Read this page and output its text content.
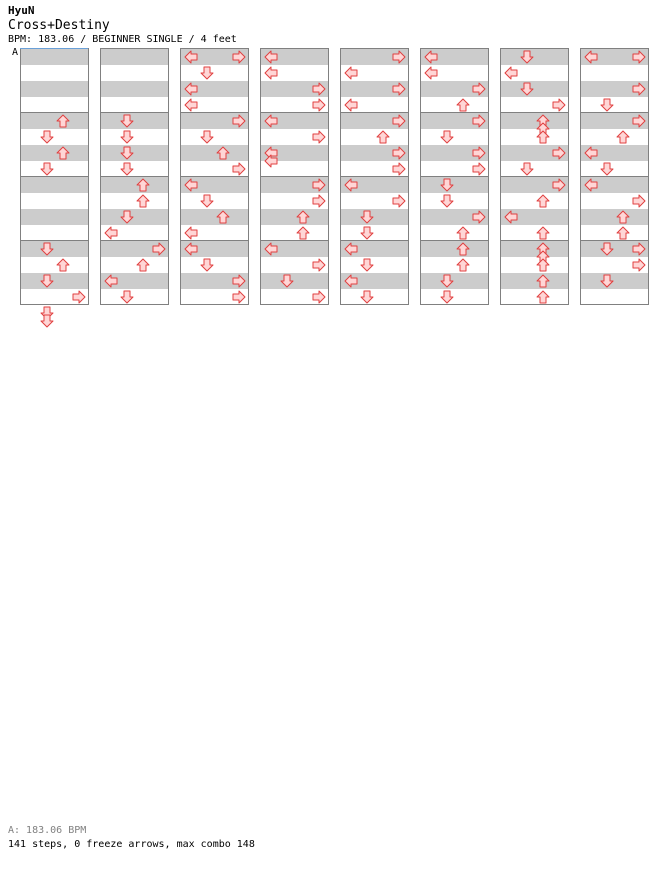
HyuN
Cross+Destiny
BPM: 183.06 / BEGINNER SINGLE / 4 feet
A
A: 183.06 BPM
141 steps, 0 freeze arrows, max combo 148
